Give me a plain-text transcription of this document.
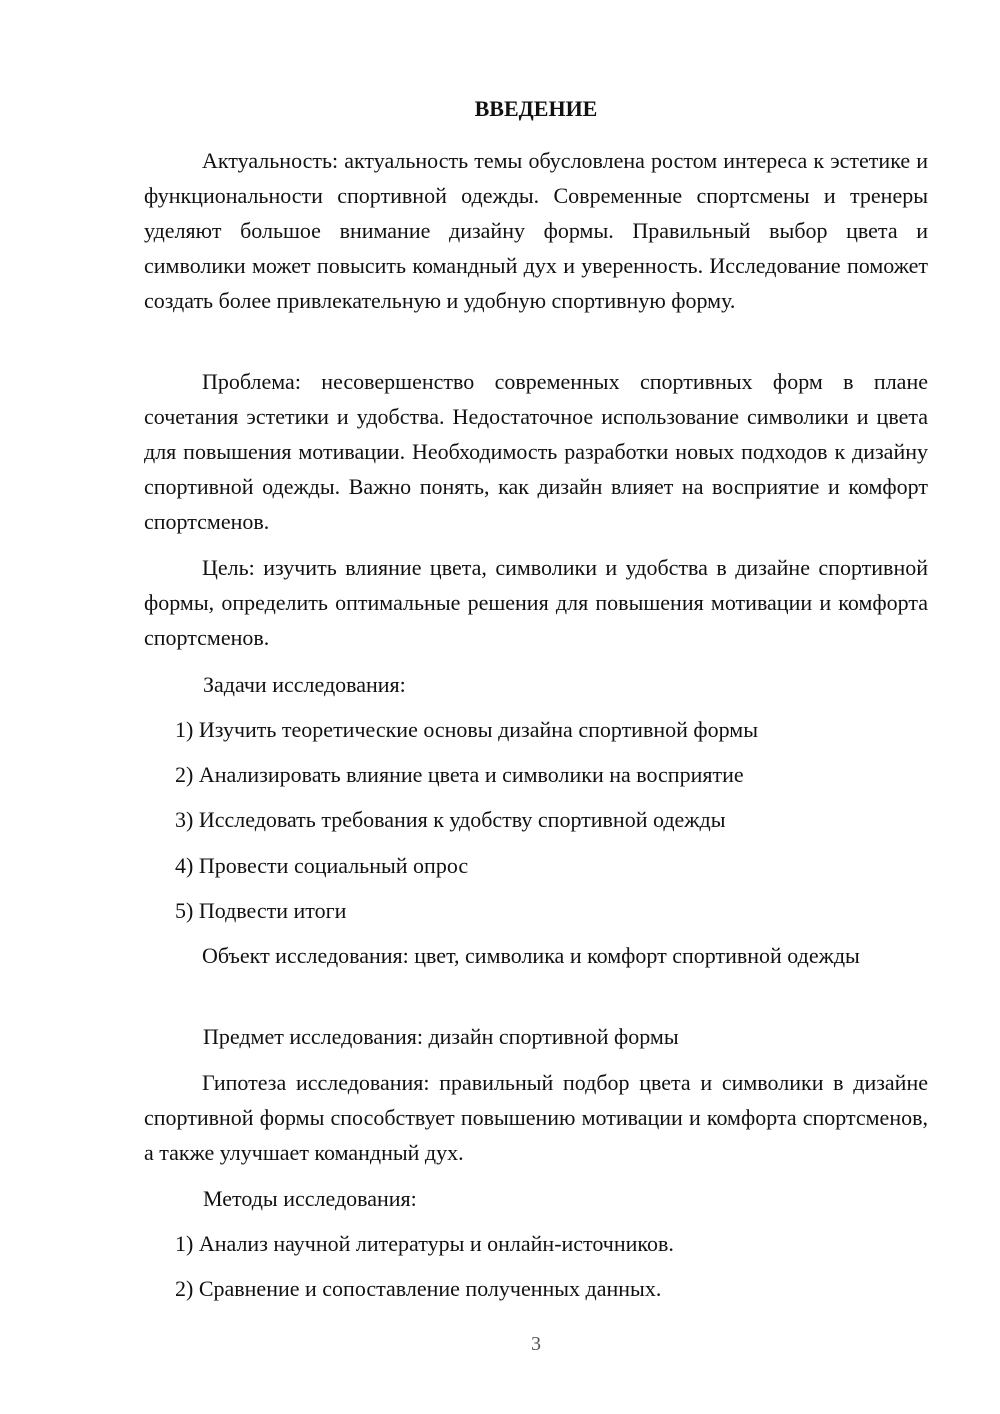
ВВЕДЕНИЕ
Актуальность: актуальность темы обусловлена ростом интереса к эстетике и функциональности спортивной одежды. Современные спортсмены и тренеры уделяют большое внимание дизайну формы. Правильный выбор цвета и символики может повысить командный дух и уверенность. Исследование поможет создать более привлекательную и удобную спортивную форму.
Проблема: несовершенство современных спортивных форм в плане сочетания эстетики и удобства. Недостаточное использование символики и цвета для повышения мотивации. Необходимость разработки новых подходов к дизайну спортивной одежды. Важно понять, как дизайн влияет на восприятие и комфорт спортсменов.
Цель: изучить влияние цвета, символики и удобства в дизайне спортивной формы, определить оптимальные решения для повышения мотивации и комфорта спортсменов.
Задачи исследования:
1) Изучить теоретические основы дизайна спортивной формы
2) Анализировать влияние цвета и символики на восприятие
3) Исследовать требования к удобству спортивной одежды
4) Провести социальный опрос
5) Подвести итоги
Объект исследования: цвет, символика и комфорт спортивной одежды
Предмет исследования: дизайн спортивной формы
Гипотеза исследования: правильный подбор цвета и символики в дизайне спортивной формы способствует повышению мотивации и комфорта спортсменов, а также улучшает командный дух.
Методы исследования:
1) Анализ научной литературы и онлайн-источников.
2) Сравнение и сопоставление полученных данных.
3
